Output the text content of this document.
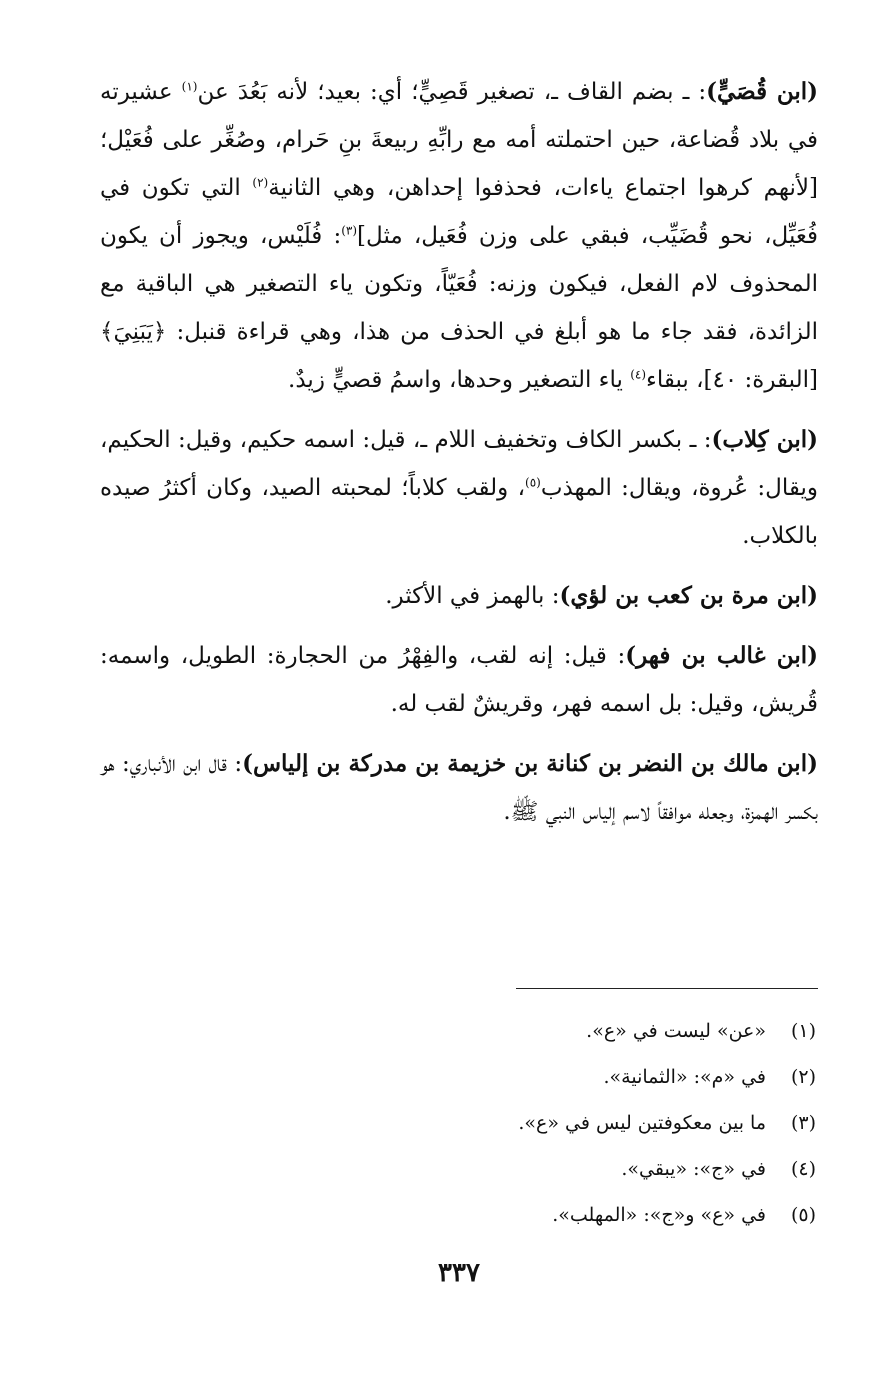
(ابن قُصَيٍّ): ـ بضم القاف ـ، تصغير قَصِيٍّ؛ أي: بعيد؛ لأنه بَعُدَ عن$^{(١)}$ عشيرته في بلاد قُضاعة، حين احتملته أمه مع رابِّهِ ربيعةَ بنِ حَرام، وصُغِّر على فُعَيْل؛ [لأنهم كرهوا اجتماع ياءات، فحذفوا إحداهن، وهي الثانية$^{(٢)}$ التي تكون في فُعَيِّل، نحو قُضَيِّب، فبقي على وزن فُعَيل، مثل]$^{(٣)}$: فُلَيْس، ويجوز أن يكون المحذوف لام الفعل، فيكون وزنه: فُعَيّاً، وتكون ياء التصغير هي الباقية مع الزائدة، فقد جاء ما هو أبلغ في الحذف من هذا، وهي قراءة قنبل: ﴿يَبَنِيَ﴾ [البقرة: ٤٠]، ببقاء$^{(٤)}$ ياء التصغير وحدها، واسمُ قصيٍّ زيدٌ.

(ابن كِلاب): ـ بكسر الكاف وتخفيف اللام ـ، قيل: اسمه حكيم، وقيل: الحكيم، ويقال: عُروة، ويقال: المهذب$^{(٥)}$، ولقب كلاباً؛ لمحبته الصيد، وكان أكثرُ صيده بالكلاب.

(ابن مرة بن كعب بن لؤي): بالهمز في الأكثر.

(ابن غالب بن فهر): قيل: إنه لقب، والفِهْرُ من الحجارة: الطويل، واسمه: قُريش، وقيل: بل اسمه فهر، وقريشٌ لقب له.

(ابن مالك بن النضر بن كنانة بن خزيمة بن مدركة بن إلياس): قال ابن الأنباري: هو بكسر الهمزة، وجعله موافقاً لاسم إلياس النبي ﷺ.

(١)
«عن» ليست في «ع».

(٢)
في «م»: «الثمانية».

(٣)
ما بين معكوفتين ليس في «ع».

(٤)
في «ج»: «يبقي».

(٥)
في «ع» و«ج»: «المهلب».

٣٣٧
